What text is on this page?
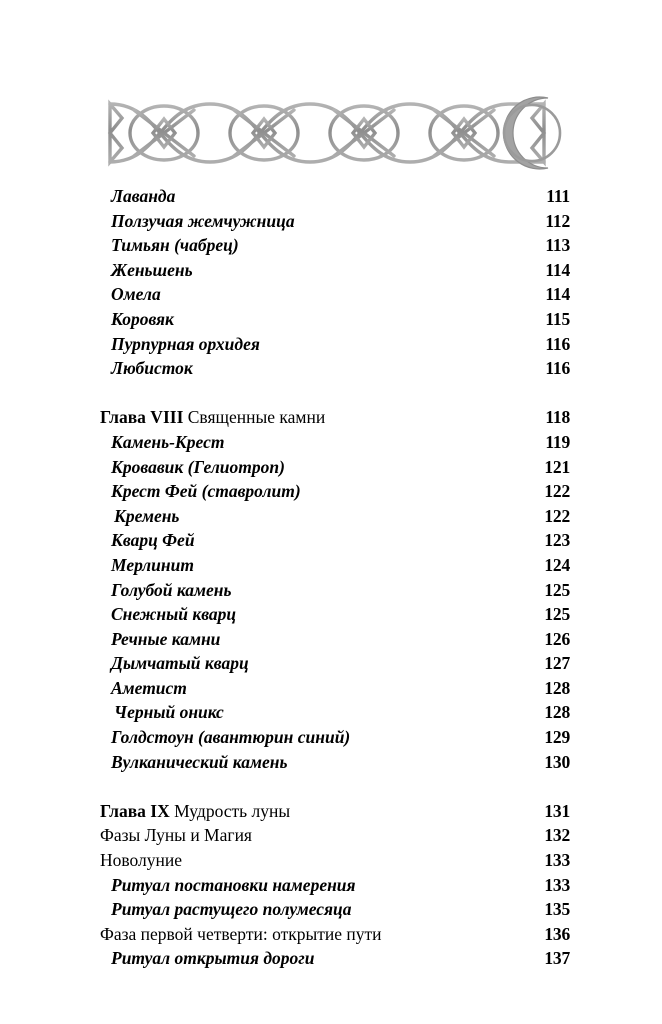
Лаванда	111
Ползучая жемчужница	112
Тимьян (чабрец)	113
Женьшень	114
Омела	114
Коровяк	115
Пурпурная орхидея	116
Любисток	116
Глава VIII Священные камни	118
Камень-Крест	119
Кровавик (Гелиотроп)	121
Крест Фей (ставролит)	122
Кремень	122
Кварц Фей	123
Мерлинит	124
Голубой камень	125
Снежный кварц	125
Речные камни	126
Дымчатый кварц	127
Аметист	128
Черный оникс	128
Голдстоун (авантюрин синий)	129
Вулканический камень	130
Глава IX Мудрость луны	131
Фазы Луны и Магия	132
Новолуние	133
Ритуал постановки намерения	133
Ритуал растущего полумесяца	135
Фаза первой четверти: открытие пути	136
Ритуал открытия дороги	137
